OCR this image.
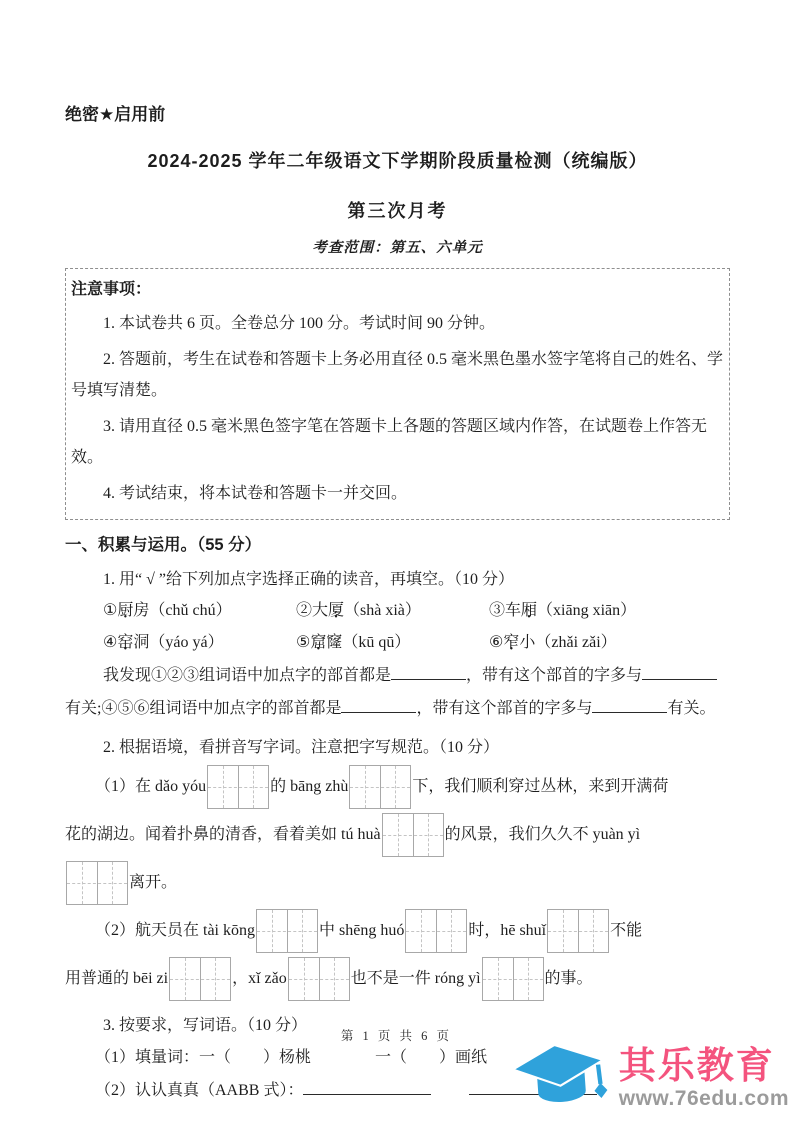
绝密★启用前
2024-2025 学年二年级语文下学期阶段质量检测（统编版）
第三次月考
考查范围：第五、六单元
注意事项：
1. 本试卷共 6 页。全卷总分 100 分。考试时间 90 分钟。
2. 答题前，考生在试卷和答题卡上务必用直径 0.5 毫米黑色墨水签字笔将自己的姓名、学号填写清楚。
3. 请用直径 0.5 毫米黑色签字笔在答题卡上各题的答题区域内作答，在试题卷上作答无效。
4. 考试结束，将本试卷和答题卡一并交回。
一、积累与运用。（55 分）
1. 用“ √ ”给下列加点字选择正确的读音，再填空。（10 分）
①厨 •房（chǔ chú）	②大厦 •（shà xià）	③车厢 •（xiāng xiān）
④窑 •洞（yáo yá）	⑤窟 •窿（kū qū）	⑥窄 •小（zhǎi zǎi）
我发现①②③组词语中加点字的部首都是	，带有这个部首的字多与
有关;④⑤⑥组词语中加点字的部首都是	，带有这个部首的字多与	有关。
2. 根据语境，看拼音写字词。注意把字写规范。（10 分）
（1）在 dǎo yóu	的 bāng zhù	下，我们顺利穿过丛林，来到开满荷
花的湖边。闻着扑鼻的清香，看着美如 tú huà	的风景，我们久久不 yuàn yì
离开。
（2）航天员在 tài kōng	中 shēng huó	时，hē shuǐ	不能
用普通的 bēi zi	，xǐ zǎo	也不是一件 róng yì	的事。
3. 按要求，写词语。（10 分）
（1）填量词：一（　　）杨桃　　　　一（　　）画纸
（2）认认真真（AABB 式）：
第 1 页 共 6 页
其乐教育
www.76edu.com
